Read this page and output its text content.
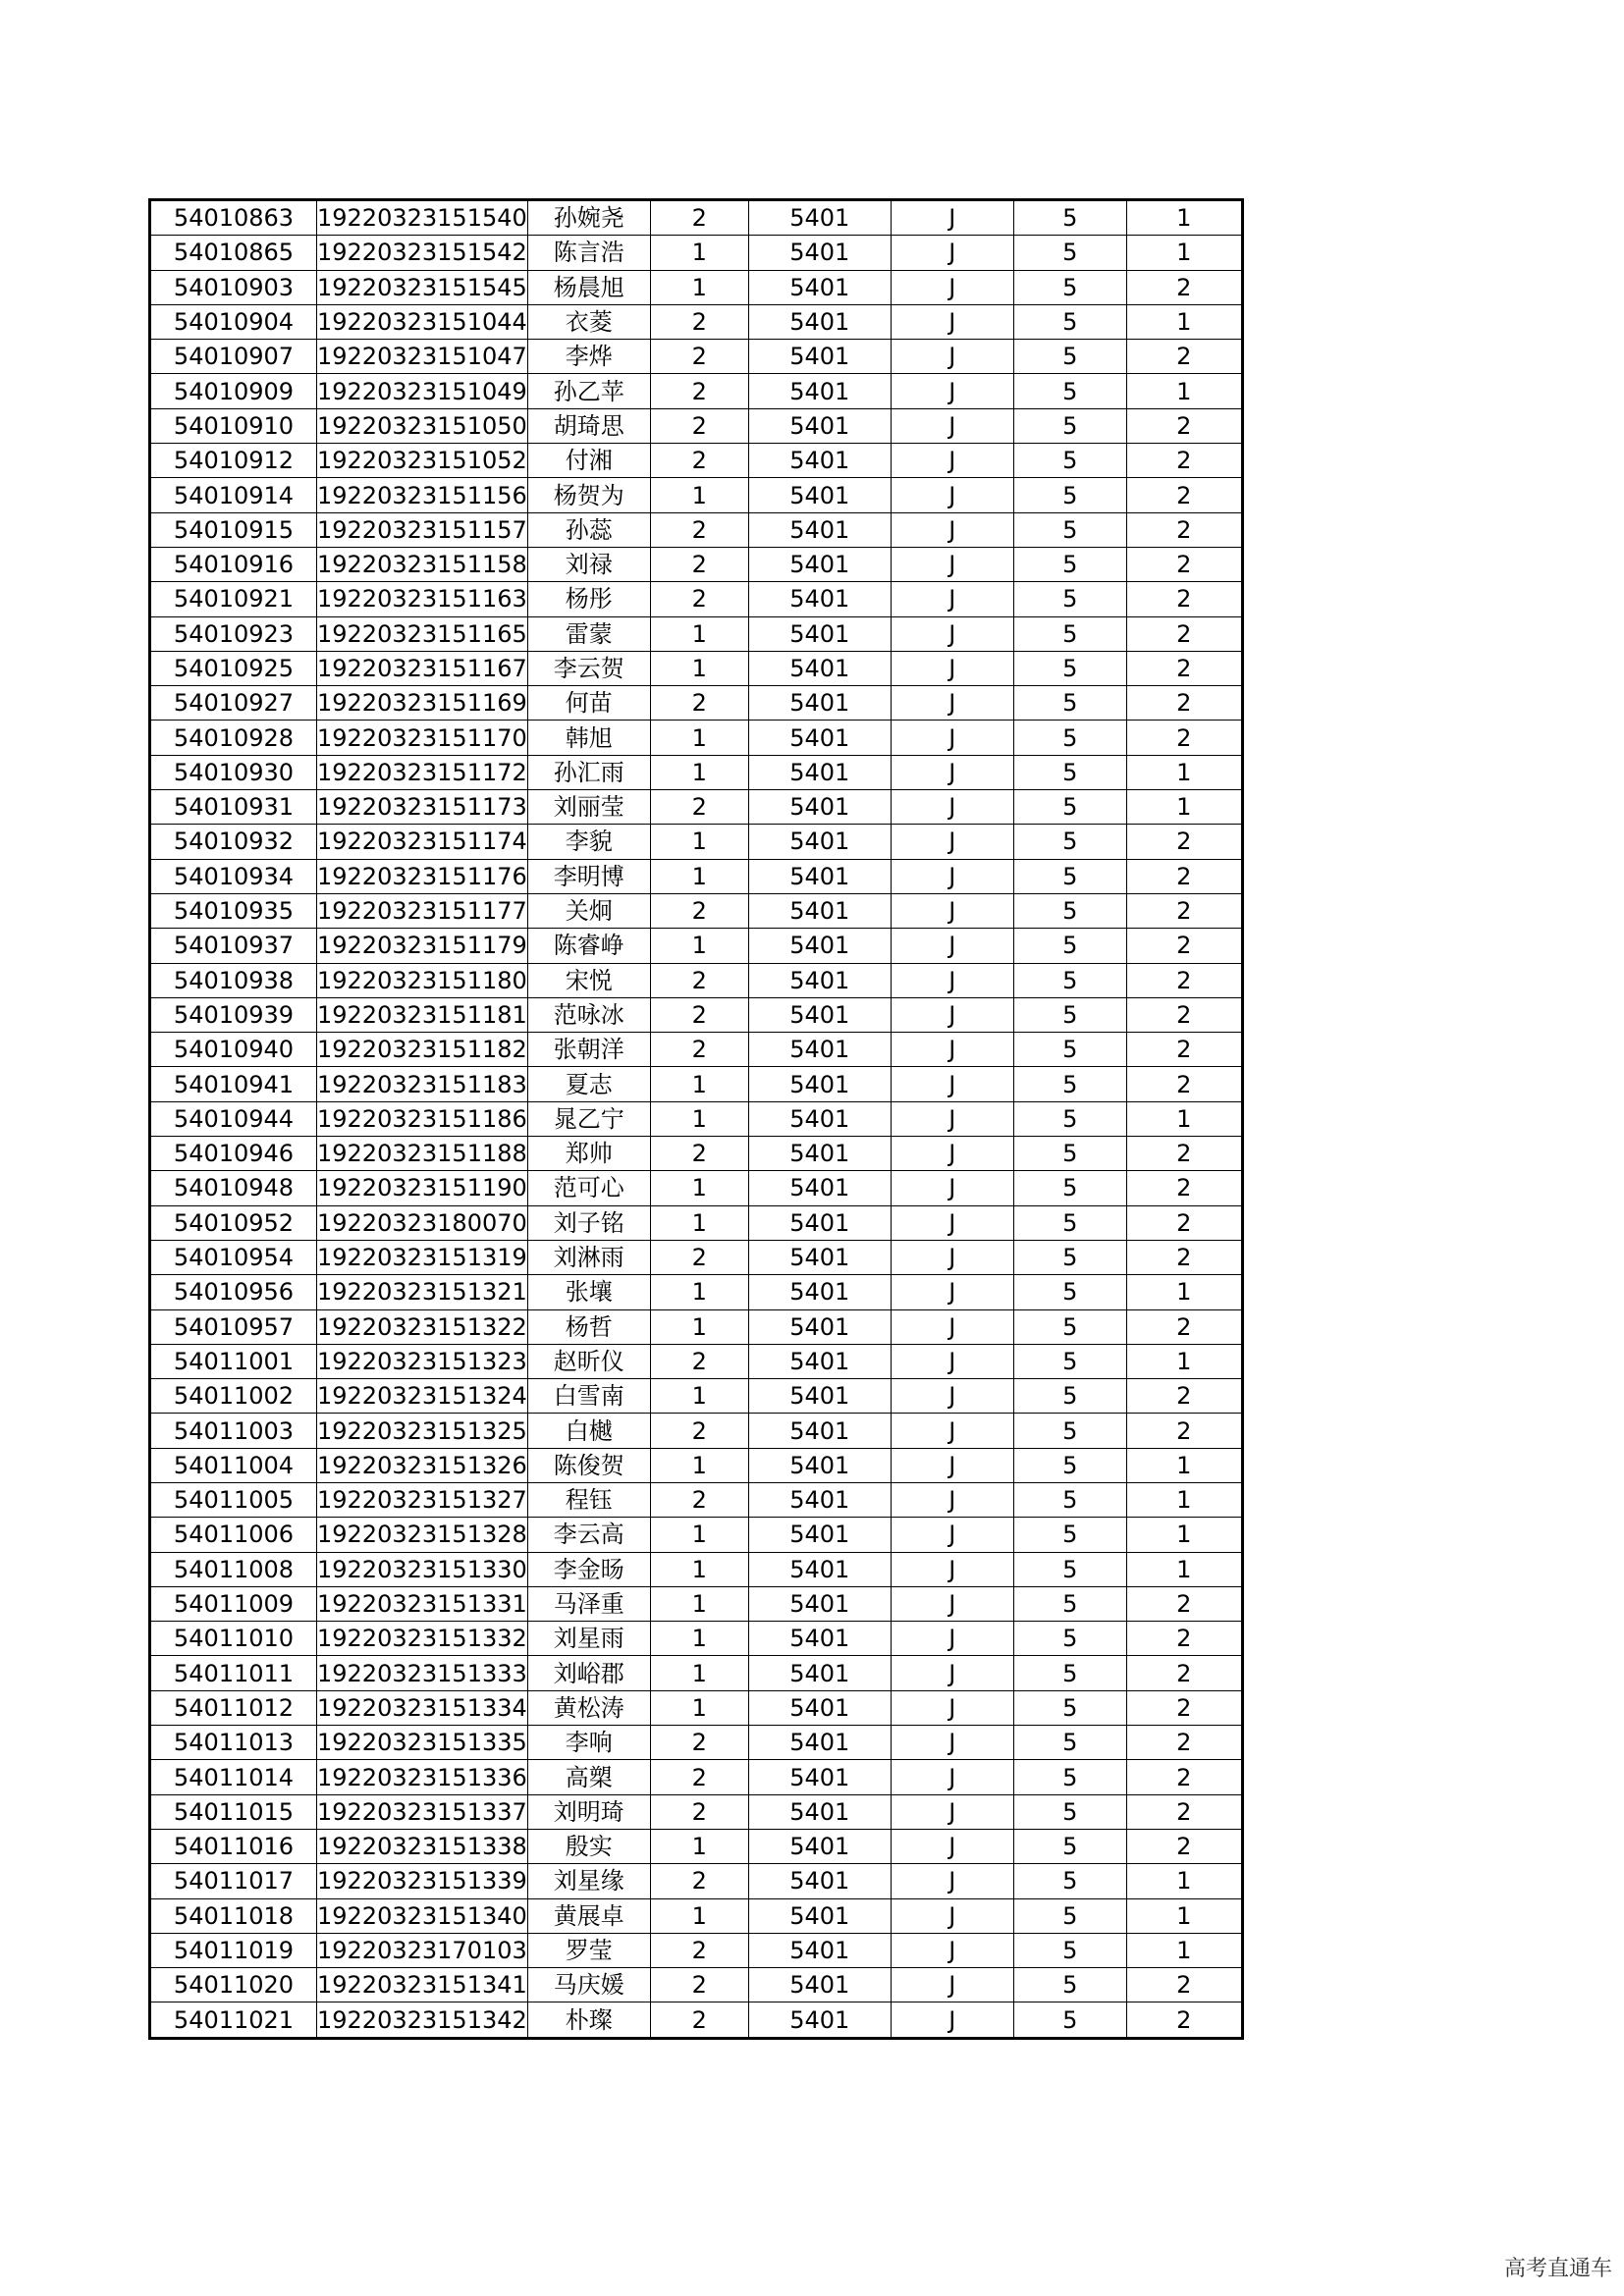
54010863	19220323151540	孙婉尧	2	5401	J	5	1
54010865	19220323151542	陈言浩	1	5401	J	5	1
54010903	19220323151545	杨晨旭	1	5401	J	5	2
54010904	19220323151044	衣菱	2	5401	J	5	1
54010907	19220323151047	李烨	2	5401	J	5	2
54010909	19220323151049	孙乙苹	2	5401	J	5	1
54010910	19220323151050	胡琦思	2	5401	J	5	2
54010912	19220323151052	付湘	2	5401	J	5	2
54010914	19220323151156	杨贺为	1	5401	J	5	2
54010915	19220323151157	孙蕊	2	5401	J	5	2
54010916	19220323151158	刘禄	2	5401	J	5	2
54010921	19220323151163	杨彤	2	5401	J	5	2
54010923	19220323151165	雷蒙	1	5401	J	5	2
54010925	19220323151167	李云贺	1	5401	J	5	2
54010927	19220323151169	何苗	2	5401	J	5	2
54010928	19220323151170	韩旭	1	5401	J	5	2
54010930	19220323151172	孙汇雨	1	5401	J	5	1
54010931	19220323151173	刘丽莹	2	5401	J	5	1
54010932	19220323151174	李貌	1	5401	J	5	2
54010934	19220323151176	李明博	1	5401	J	5	2
54010935	19220323151177	关炯	2	5401	J	5	2
54010937	19220323151179	陈睿峥	1	5401	J	5	2
54010938	19220323151180	宋悦	2	5401	J	5	2
54010939	19220323151181	范咏冰	2	5401	J	5	2
54010940	19220323151182	张朝洋	2	5401	J	5	2
54010941	19220323151183	夏志	1	5401	J	5	2
54010944	19220323151186	晁乙宁	1	5401	J	5	1
54010946	19220323151188	郑帅	2	5401	J	5	2
54010948	19220323151190	范可心	1	5401	J	5	2
54010952	19220323180070	刘子铭	1	5401	J	5	2
54010954	19220323151319	刘淋雨	2	5401	J	5	2
54010956	19220323151321	张壤	1	5401	J	5	1
54010957	19220323151322	杨哲	1	5401	J	5	2
54011001	19220323151323	赵昕仪	2	5401	J	5	1
54011002	19220323151324	白雪南	1	5401	J	5	2
54011003	19220323151325	白樾	2	5401	J	5	2
54011004	19220323151326	陈俊贺	1	5401	J	5	1
54011005	19220323151327	程钰	2	5401	J	5	1
54011006	19220323151328	李云高	1	5401	J	5	1
54011008	19220323151330	李金旸	1	5401	J	5	1
54011009	19220323151331	马泽重	1	5401	J	5	2
54011010	19220323151332	刘星雨	1	5401	J	5	2
54011011	19220323151333	刘峪郡	1	5401	J	5	2
54011012	19220323151334	黄松涛	1	5401	J	5	2
54011013	19220323151335	李响	2	5401	J	5	2
54011014	19220323151336	高槊	2	5401	J	5	2
54011015	19220323151337	刘明琦	2	5401	J	5	2
54011016	19220323151338	殷实	1	5401	J	5	2
54011017	19220323151339	刘星缘	2	5401	J	5	1
54011018	19220323151340	黄展卓	1	5401	J	5	1
54011019	19220323170103	罗莹	2	5401	J	5	1
54011020	19220323151341	马庆媛	2	5401	J	5	2
54011021	19220323151342	朴璨	2	5401	J	5	2
高考直通车
